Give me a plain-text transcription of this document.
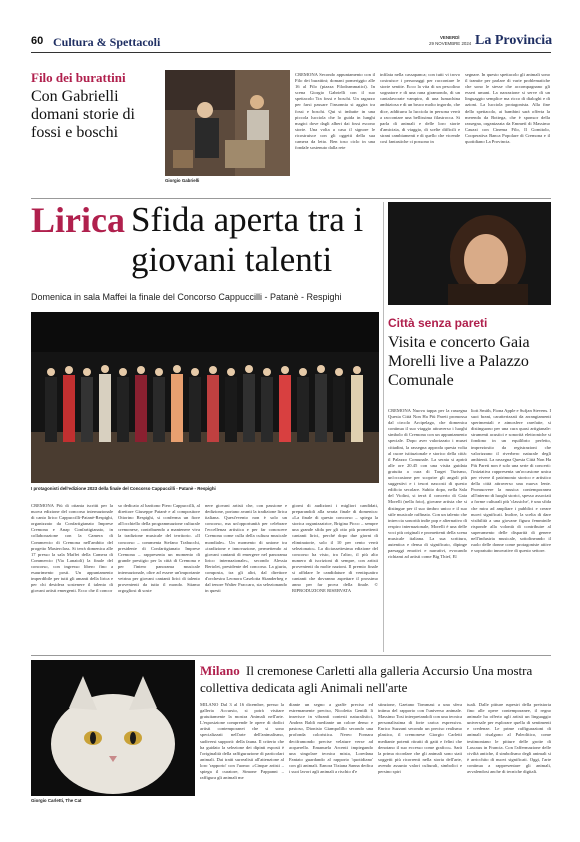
60 Cultura & Spettacoli	VENERDÌ
29 NOVEMBRE 2024 La Provincia
Filo dei burattini
Con Gabrielli domani storie di fossi e boschi
Giorgio Gabrielli

CREMONA Secondo appuntamento con il Filo dei burattini; domani pomeriggio alle 16 al Filo (piazza Filodrammatici). In scena Giorgio Gabrielli con il suo spettacolo Tra fossi e boschi. Un ragazzo per farsi passare l'insonnia si aggira tra fossi e boschi. Qui si imbatte in una piccola lucciola che lo guida in lunghi magici dove dagli alberi dai fossi escono storie. Una volta a casa il signore le ricostruisce con gli oggetti della sua camera da letto. Ben toso ciclo in una fondale sostenuto dalla rete

infilata nella cassapanca; con tutti vi trovo costruisce i personaggi per raccontare le storie sentite. Ecco la vita di un pescolino sognatore e di una rana giramondo, di un cantalavorate vampiro, di una lumachina ambiziosa e di un bruco molto ingordo, che dice, additurra la lucciola in persona verrà a raccontare una bellissima filastrocca. Si parla di animali e delle loro storie d'amicizia, di viaggio, di scelte difficili e strani cambiamenti e di quello che vicende così fantastiche ci possono in

segnare. In questo spettacolo gli animali sono il tramite per parlare di varie problematiche che sono le stesse che accompagnano gli esseri umani. La narrazione si serve di un linguaggio semplice ma ricco di dialoghi e di azioni. La lucciola protagonista. Alla fine dello spettacolo, ai bambini sarà offerta la merenda da Bottega, che è sponsor della rassegna, organizzata da Emmetì di Massimo Cauzzi con Cinema Filo, Il Gomitolo, Cooperativa Banca Popolare di Cremona e il quotidiano La Provincia.

Lirica Sfida aperta tra i giovani talenti
Domenica in sala Maffei la finale del Concorso Cappuccilli - Patanè - Respighi
I protagonisti dell'edizione 2023 della finale del Concorso Cappuccilli - Patanè - Respighi

CREMONA Più di ottanta iscritti per la nuova edizione del concorso internazionale di canto lirico Cappuccilli-Patanè-Respighi, organizzato da Confartigianato Imprese Cremona e Anap Confartigianato, in collaborazione con la Camera di Commercio di Cremona nell'ambito del progetto Masterclass. Si terrà domenica alle 17 presso la sala Maffei della Camera di Commercio (Via Lanaioli) la finale del concorso, con ingresso libero fino a esaurimento posti. Un appuntamento imperdibile per tutti gli amanti della lirica e per chi desidera sostenere il talento di giovani artisti emergenti. Ecco che il concor

so dedicato al baritono Piero Cappuccilli, al direttore Giuseppe Patanè e al compositore Ottorino Respighi, si conferma un fiore all'occhiello della programmazione culturale cremonese, contribuendo a mantenere viva la tradizione musicale del territorio. «Il concorso – commenta Stefano Trabucchi, presidente di Confartigianato Imprese Cremona – rappresenta un momento di grande prestigio per la città di Cremona e per l'intero panorama musicale internazionale, oltre ad essere un'importante vetrina per giovani cantanti lirici di talento provenienti da tutto il mondo. Stiamo orgogliosi di soste

nere giovani artisti che, con passione e dedizione, portano avanti la tradizione lirica italiana. Quest'evento non è solo un concorso, ma un'opportunità per celebrare l'eccellenza artistica e per far conoscere Cremona come culla della cultura musicale mondiale». Un momento di unione tra «tradizione e innovazione, permettendo ai giovani cantanti di emergere nel panorama lirico internazionale», secondo Alessia Bertolet, presidente del concorso. La giuria, composta, tra gli altri, dal direttore d'orchestra Leonora Caselotta Skanderbeg e dal tenore Walter Fraccaro, sta selezionando in questi

giorni di audizioni i migliori candidati, preparandoli alla serata finale di domenica: «La finale di questo concorso – spiega la storica organizzatrice, Brigina Picco – sempre una grande sfida per gli otto più promettenti cantanti lirici, perché dopo due giorni di eliminatorie, solo il 10 per cento verrà selezionato». La diciassettesima edizione del concorso ha visto, tra l'altro, il più alto numero di iscrizioni di sempre, con artisti provenienti da molte nazioni. Il premio finale si affidare le candidature di ventiquattro cantanti che dovranno aspettare il prossimo anno per far prova della finale. © RIPRODUZIONE RISERVATA

Città senza pareti
Visita e concerto Gaia Morelli live a Palazzo Comunale

CREMONA Nuova tappa per la rassegna Questa Città Non Ha Più Pareti promossa dal circolo Arcipelago, che domenica continua il suo viaggio attraverso i luoghi simbolo di Cremona con un appuntamento speciale. Dopo aver valorizzato i musei cittadini, la rassegna approda questa volta al cuore istituzionale e storico della città: il Palazzo Comunale. La serata si aprirà alle ore 20.45 con una visita guidata gratuita a cura di Target Turismo, un'occasione per scoprire gli angoli più suggestivi e i tesori nascosti di questo edificio secolare. Subito dopo, nella Sala del Violini, si terrà il concerto di Gaia Morelli (nella foto), giovane artista che si distingue per il suo timbro unico e il suo stile musicale raffinato. Con un talento che intreccia sonorità indie pop e alternativo di respiro internazionale, Morelli è una delle voci più originali e promettenti della scena musicale italiana. La sua scrittura, autentica e densa di significato, dipinge paesaggi emotivi e narrativi, evocando richiami ad artisti come Big Thief, El

liott Smith, Fiona Apple e Sufjan Stevens. I suoi brani, caratterizzati da arrangiamenti sperimentali e atmosfere rarefatte, si distinguono per una cura quasi artigianale: strumenti acustici e sonorità elettroniche si fondono in un equilibrio perfetto, impreziosito da registrazioni che valorizzano il riverbero naturale degli ambienti. La rassegna Questa Città Non Ha Più Pareti non è solo una serie di concerti: l'iniziativa rappresenta un'occasione unica per vivere il patrimonio storico e artistico della città attraverso una nuova lente. Promuovere la musica contemporanea all'interno di luoghi storici, spesso associati a forme culturali più 'classiche', è una sfida che mira ad ampliare i pubblici e creare nuovi significati. Inoltre, la scelta di dare visibilità a una giovane figura femminile risponde alla volontà di contribuire al superamento delle disparità di genere nell'industria musicale, sottolineando il ruolo delle donne come protagoniste attive e sopratutto innovative di questo settore.

Giorgio Carletti, The Cat
Milano Il cremonese Carletti alla galleria Accursio Una mostra collettiva dedicata agli Animali nell'arte

MILANO Dal 3 al 16 dicembre, presso la galleria Accursio, si potrà visitare gratuitamente la mostra Animali nell'arte. L'esposizione comprende le opere di dodici artisti contemporanei che si sono specializzati nell'arte dell'animalismo, sudiversi supporti: della fauna. Il criterio che ha guidato la selezione dei dipinti esposti è l'originalità della raffigurazione di particolari animali. Dai tratti surrealisti all'attenzione al loro 'rapporto' con l'uomo: «Cinque artisti – spiega il curatore, Simone Fappanni – raffigura gli animali me

diante un segno a graffe preciso ed estremamente preciso, Nicoletta Gentili li inserisce in vibranti contesti naturalistici, Andrea Baldi mediante un colore denso e pastoso, Dionisio Giampolillo secondo una profonda coloristica. Nereo Fornara deciframondo precise velature verse ad acquerello. Emanuela Arcenti impiegando una singolare tecnica mista, Loredana Fantato guardando al rapporto 'quotidiano' con gli animali. Eanora Tiziana Sanna dedica i suoi lavori agli animali a rischio d'e

stinzione, Gaetano Tommasi a una sfera intima del rapporto con l'universo animale. Massimo Tosi interpretandoli con una tecnica personalissima di forte carica espressiva. Enrico Suzzani secondo un preciso realismo plastico, il cremonese Giorgio Carletti mediante potenti ritratti di gatti e felini che denotano il suo eccesso come grafico». Sarà la prima ricordare che gli animali sono stati soggetti più ricorrenti nella storia dell'arte, avendo assunto valori culturali, simbolici e persino spiri

tuali. Dalle pitture rupestri della preistoria fino alle opere contemporanee, il regno animale ha offerto agli artisti un linguaggio universale per esplorare quella di sentimenti e credenze. Le prime raffigurazioni di animali risalgono al Paleolitico, come testimoniano le pitture delle grotte di Lascaux in Francia. Con l'affermazione delle civiltà antiche, il simbolismo degli animali si è arricchito di nuovi significati. Oggi, l'arte continua a rappresentare gli animali, avvalendosi anche di tecniche digitali.
